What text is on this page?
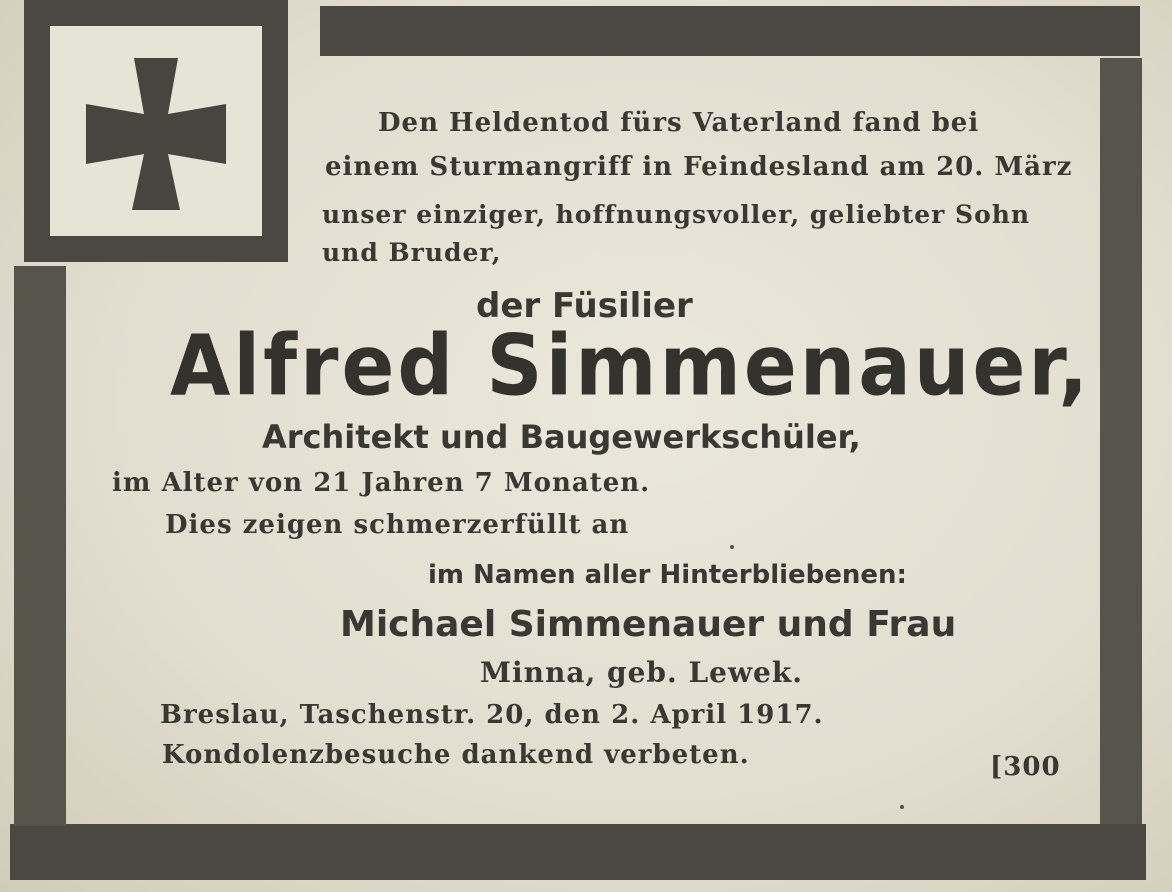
Den Heldentod fürs Vaterland fand bei
einem Sturmangriff in Feindesland am 20. März
unser einziger, hoffnungsvoller, geliebter Sohn
und Bruder,
der Füsilier
Alfred Simmenauer,
Architekt und Baugewerkschüler,
im Alter von 21 Jahren 7 Monaten.
Dies zeigen schmerzerfüllt an
im Namen aller Hinterbliebenen:
Michael Simmenauer und Frau
Minna, geb. Lewek.
Breslau, Taschenstr. 20, den 2. April 1917.
Kondolenzbesuche dankend verbeten.	[300
